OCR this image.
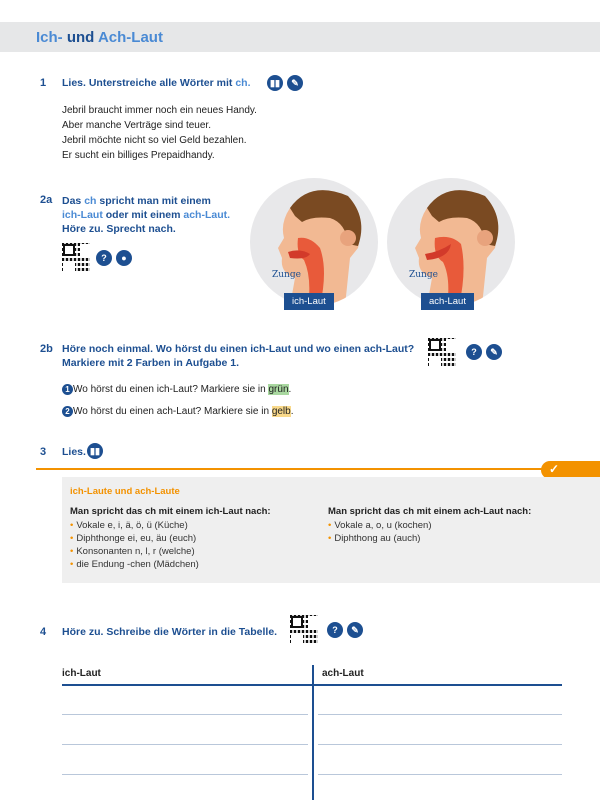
Ich- und Ach-Laut
1 Lies. Unterstreiche alle Wörter mit ch.	▮▮	✎
Jebril braucht immer noch ein neues Handy.
Aber manche Verträge sind teuer.
Jebril möchte nicht so viel Geld bezahlen.
Er sucht ein billiges Prepaidhandy.
2a Das ch spricht man mit einem
ich-Laut oder mit einem ach-Laut.
Höre zu. Sprecht nach.
?	●
Zunge
ich-Laut
Zunge
ach-Laut
2b Höre noch einmal. Wo hörst du einen ich-Laut und wo einen ach-Laut?
Markiere mit 2 Farben in Aufgabe 1.
?	✎
1 Wo hörst du einen ich-Laut? Markiere sie in grün.
2 Wo hörst du einen ach-Laut? Markiere sie in gelb.
3 Lies. ▮▮
✓
ich-Laute und ach-Laute
Man spricht das ch mit einem ich-Laut nach:
• Vokale e, i, ä, ö, ü (Küche)
• Diphthonge ei, eu, äu (euch)
• Konsonanten n, l, r (welche)
• die Endung -chen (Mädchen)
Man spricht das ch mit einem ach-Laut nach:
• Vokale a, o, u (kochen)
• Diphthong au (auch)
4 Höre zu. Schreibe die Wörter in die Tabelle.	?	✎
ich-Laut	ach-Laut
